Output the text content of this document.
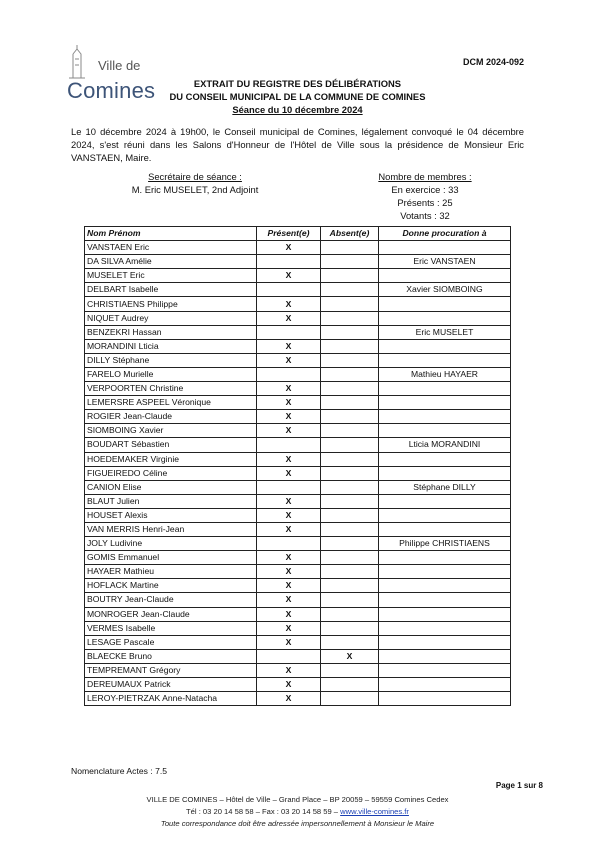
Ville de
Comines
DCM 2024-092
EXTRAIT DU REGISTRE DES DÉLIBÉRATIONS
DU CONSEIL MUNICIPAL DE LA COMMUNE DE COMINES
Séance du 10 décembre 2024
Le 10 décembre 2024 à 19h00, le Conseil municipal de Comines, légalement convoqué le 04 décembre 2024, s'est réuni dans les Salons d'Honneur de l'Hôtel de Ville sous la présidence de Monsieur Eric VANSTAEN, Maire.
Secrétaire de séance :
M. Eric MUSELET, 2nd Adjoint
Nombre de membres :
En exercice : 33
Présents : 25
Votants : 32
Nom Prénom	Présent(e)	Absent(e)	Donne procuration à
VANSTAEN Eric	X		
DA SILVA Amélie			Eric VANSTAEN
MUSELET Eric	X		
DELBART Isabelle			Xavier SIOMBOING
CHRISTIAENS Philippe	X		
NIQUET Audrey	X		
BENZEKRI Hassan			Eric MUSELET
MORANDINI Lticia	X		
DILLY Stéphane	X		
FARELO Murielle			Mathieu HAYAER
VERPOORTEN Christine	X		
LEMERSRE ASPEEL Véronique	X		
ROGIER Jean-Claude	X		
SIOMBOING Xavier	X		
BOUDART Sébastien			Lticia MORANDINI
HOEDEMAKER Virginie	X		
FIGUEIREDO Céline	X		
CANION Elise			Stéphane DILLY
BLAUT Julien	X		
HOUSET Alexis	X		
VAN MERRIS Henri-Jean	X		
JOLY Ludivine			Philippe CHRISTIAENS
GOMIS Emmanuel	X		
HAYAER Mathieu	X		
HOFLACK Martine	X		
BOUTRY Jean-Claude	X		
MONROGER Jean-Claude	X		
VERMES Isabelle	X		
LESAGE Pascale	X		
BLAECKE Bruno		X	
TEMPREMANT Grégory	X		
DEREUMAUX Patrick	X		
LEROY-PIETRZAK Anne-Natacha	X		
Nomenclature Actes : 7.5
Page 1 sur 8
VILLE DE COMINES – Hôtel de Ville – Grand Place – BP 20059 – 59559 Comines Cedex
Tél : 03 20 14 58 58 – Fax : 03 20 14 58 59 – www.ville-comines.fr
Toute correspondance doit être adressée impersonnellement à Monsieur le Maire
